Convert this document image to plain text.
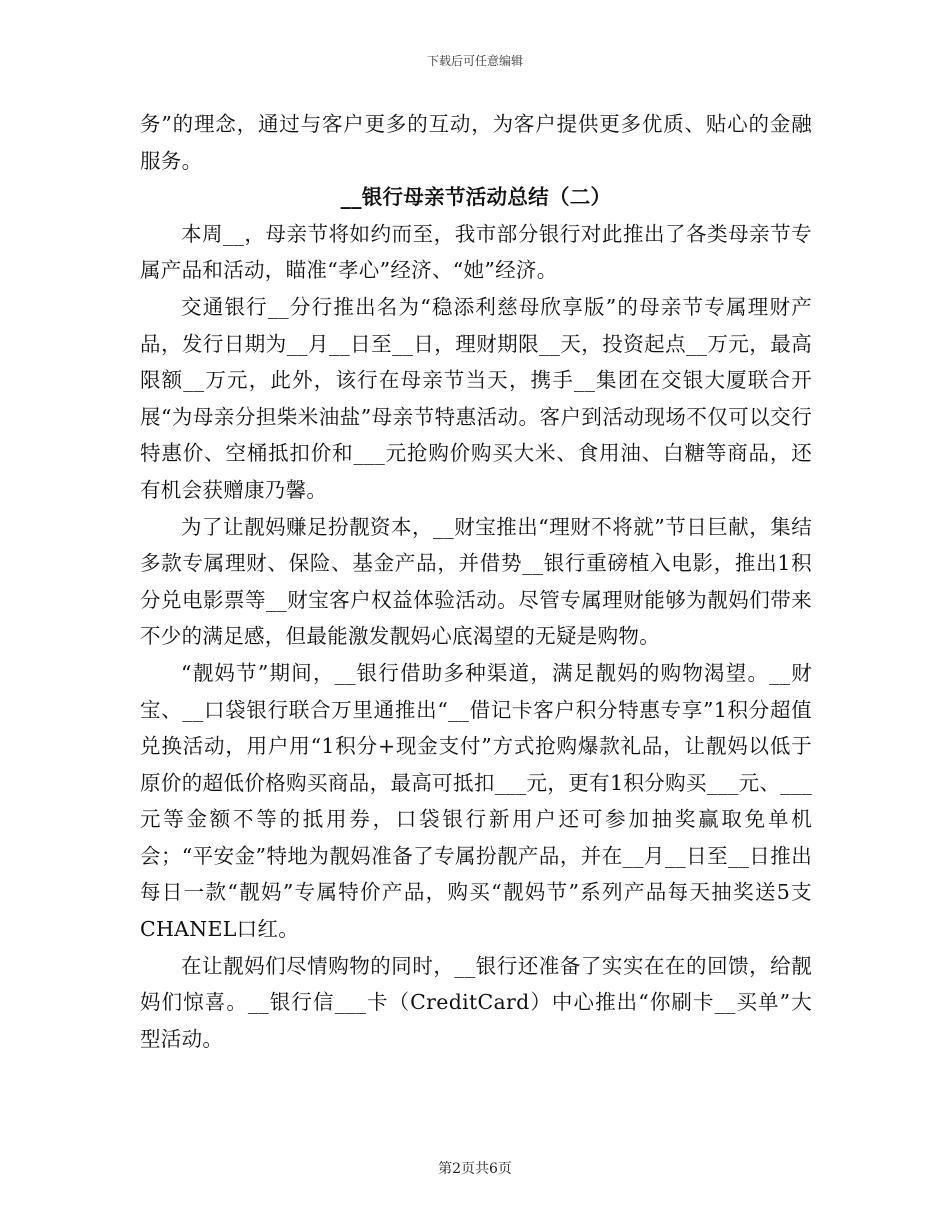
下载后可任意编辑

务”的理念，通过与客户更多的互动，为客户提供更多优质、贴心的金融服务。

__银行母亲节活动总结（二）

本周__，母亲节将如约而至，我市部分银行对此推出了各类母亲节专属产品和活动，瞄准“孝心”经济、“她”经济。

交通银行__分行推出名为“稳添利慈母欣享版”的母亲节专属理财产品，发行日期为__月__日至__日，理财期限__天，投资起点__万元，最高限额__万元，此外，该行在母亲节当天，携手__集团在交银大厦联合开展“为母亲分担柴米油盐”母亲节特惠活动。客户到活动现场不仅可以交行特惠价、空桶抵扣价和___元抢购价购买大米、食用油、白糖等商品，还有机会获赠康乃馨。

为了让靓妈赚足扮靓资本，__财宝推出“理财不将就”节日巨献，集结多款专属理财、保险、基金产品，并借势__银行重磅植入电影，推出1积分兑电影票等__财宝客户权益体验活动。尽管专属理财能够为靓妈们带来不少的满足感，但最能激发靓妈心底渴望的无疑是购物。

“靓妈节”期间，__银行借助多种渠道，满足靓妈的购物渴望。__财宝、__口袋银行联合万里通推出“__借记卡客户积分特惠专享”1积分超值兑换活动，用户用“1积分+现金支付”方式抢购爆款礼品，让靓妈以低于原价的超低价格购买商品，最高可抵扣___元，更有1积分购买___元、___元等金额不等的抵用券，口袋银行新用户还可参加抽奖赢取免单机会；“平安金”特地为靓妈准备了专属扮靓产品，并在__月__日至__日推出每日一款“靓妈”专属特价产品，购买“靓妈节”系列产品每天抽奖送5支CHANEL口红。

在让靓妈们尽情购物的同时，__银行还准备了实实在在的回馈，给靓妈们惊喜。__银行信___卡（CreditCard）中心推出“你刷卡__买单”大型活动。

第2页共6页
